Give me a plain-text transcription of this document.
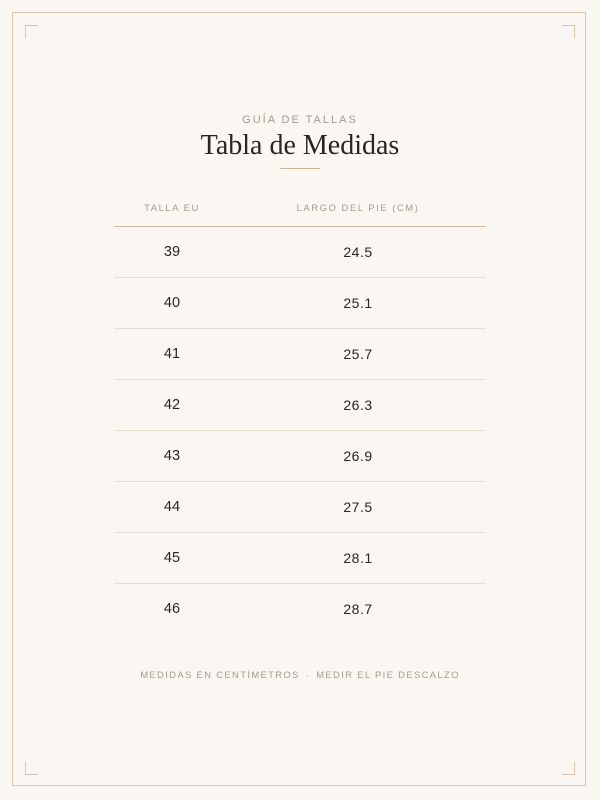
GUÍA DE TALLAS
Tabla de Medidas
TALLA EU	LARGO DEL PIE (CM)
39	24.5
40	25.1
41	25.7
42	26.3
43	26.9
44	27.5
45	28.1
46	28.7
MEDIDAS EN CENTÍMETROS · MEDIR EL PIE DESCALZO
